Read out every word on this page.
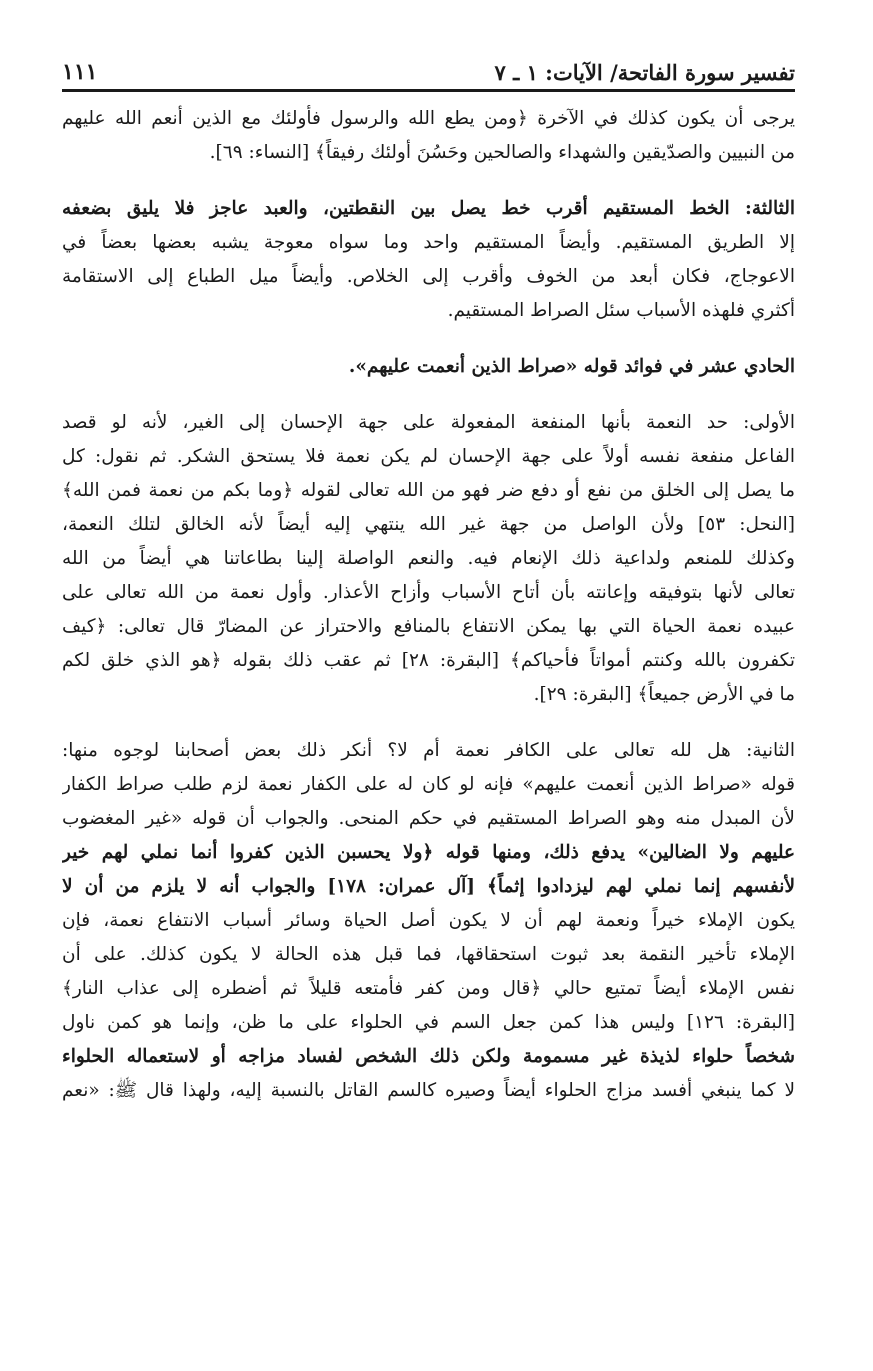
تفسير سورة الفاتحة/ الآيات: ١ ـ ٧
١١١
يرجى أن يكون كذلك في الآخرة ﴿ومن يطع الله والرسول فأولئك مع الذين أنعم الله عليهم
من النبيين والصدّيقين والشهداء والصالحين وحَسُنَ أولئك رفيقاً﴾ [النساء: ٦٩].
الثالثة: الخط المستقيم أقرب خط يصل بين النقطتين، والعبد عاجز فلا يليق بضعفه
إلا الطريق المستقيم. وأيضاً المستقيم واحد وما سواه معوجة يشبه بعضها بعضاً في
الاعوجاج، فكان أبعد من الخوف وأقرب إلى الخلاص. وأيضاً ميل الطباع إلى الاستقامة
أكثري فلهذه الأسباب سئل الصراط المستقيم.
الحادي عشر في فوائد قوله «صراط الذين أنعمت عليهم».
الأولى: حد النعمة بأنها المنفعة المفعولة على جهة الإحسان إلى الغير، لأنه لو قصد
الفاعل منفعة نفسه أولاً على جهة الإحسان لم يكن نعمة فلا يستحق الشكر. ثم نقول: كل
ما يصل إلى الخلق من نفع أو دفع ضر فهو من الله تعالى لقوله ﴿وما بكم من نعمة فمن الله﴾
[النحل: ٥٣] ولأن الواصل من جهة غير الله ينتهي إليه أيضاً لأنه الخالق لتلك النعمة،
وكذلك للمنعم ولداعية ذلك الإنعام فيه. والنعم الواصلة إلينا بطاعاتنا هي أيضاً من الله
تعالى لأنها بتوفيقه وإعانته بأن أتاح الأسباب وأزاح الأعذار. وأول نعمة من الله تعالى على
عبيده نعمة الحياة التي بها يمكن الانتفاع بالمنافع والاحتراز عن المضارّ قال تعالى: ﴿كيف
تكفرون بالله وكنتم أمواتاً فأحياكم﴾ [البقرة: ٢٨] ثم عقب ذلك بقوله ﴿هو الذي خلق لكم
ما في الأرض جميعاً﴾ [البقرة: ٢٩].
الثانية: هل لله تعالى على الكافر نعمة أم لا؟ أنكر ذلك بعض أصحابنا لوجوه منها:
قوله «صراط الذين أنعمت عليهم» فإنه لو كان له على الكفار نعمة لزم طلب صراط الكفار
لأن المبدل منه وهو الصراط المستقيم في حكم المنحى. والجواب أن قوله «غير المغضوب
عليهم ولا الضالين» يدفع ذلك، ومنها قوله ﴿ولا يحسبن الذين كفروا أنما نملي لهم خير
لأنفسهم إنما نملي لهم ليزدادوا إثماً﴾ [آل عمران: ١٧٨] والجواب أنه لا يلزم من أن لا
يكون الإملاء خيراً ونعمة لهم أن لا يكون أصل الحياة وسائر أسباب الانتفاع نعمة، فإن
الإملاء تأخير النقمة بعد ثبوت استحقاقها، فما قبل هذه الحالة لا يكون كذلك. على أن
نفس الإملاء أيضاً تمتيع حالي ﴿قال ومن كفر فأمتعه قليلاً ثم أضطره إلى عذاب النار﴾
[البقرة: ١٢٦] وليس هذا كمن جعل السم في الحلواء على ما ظن، وإنما هو كمن ناول
شخصاً حلواء لذيذة غير مسمومة ولكن ذلك الشخص لفساد مزاجه أو لاستعماله الحلواء
لا كما ينبغي أفسد مزاج الحلواء أيضاً وصيره كالسم القاتل بالنسبة إليه، ولهذا قال ﷺ: «نعم
